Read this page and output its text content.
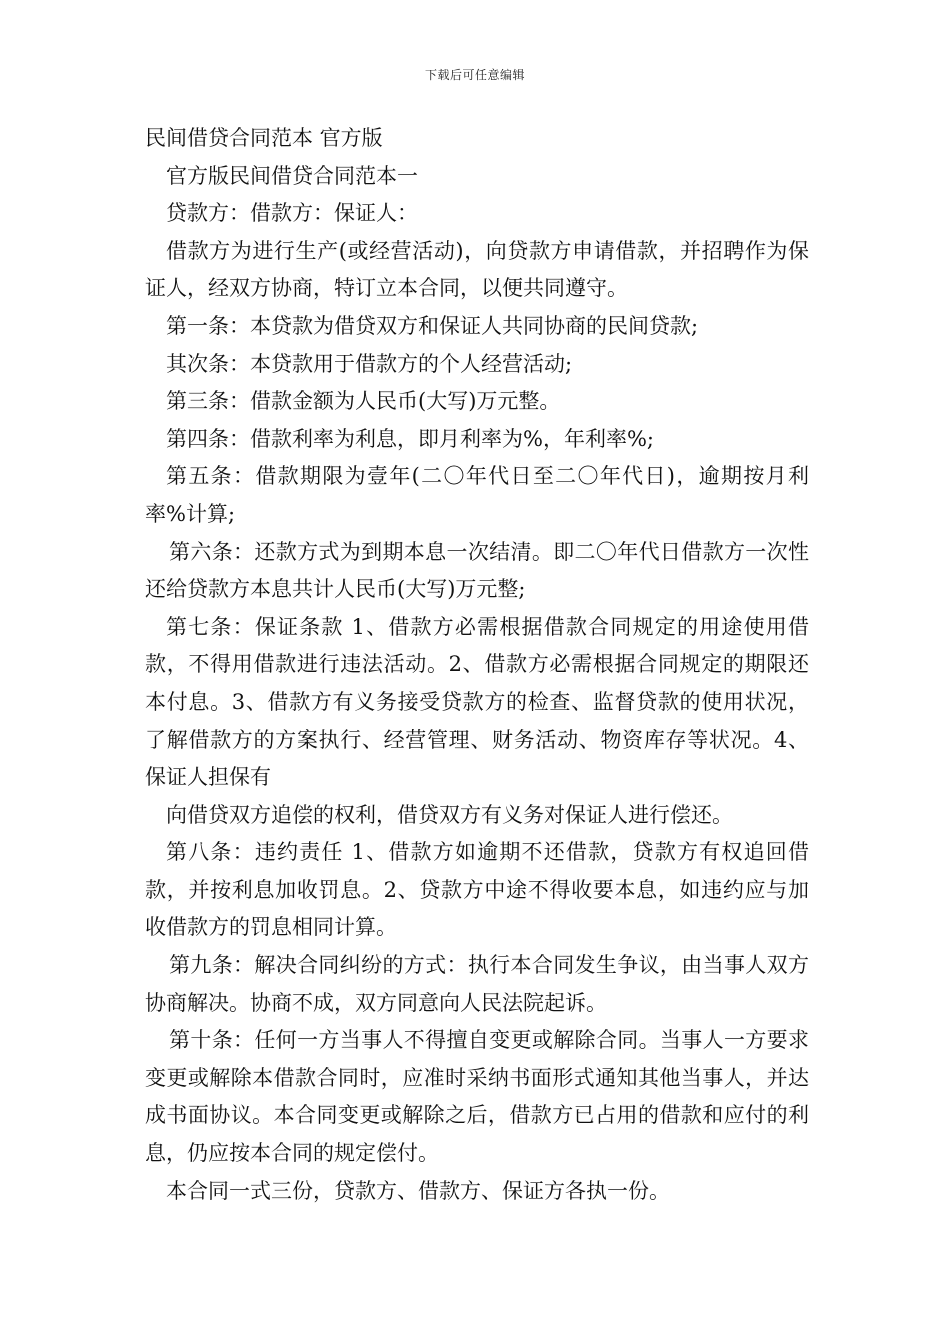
下载后可任意编辑

民间借贷合同范本 官方版

官方版民间借贷合同范本一

贷款方：借款方：保证人：

借款方为进行生产(或经营活动)，向贷款方申请借款，并招聘作为保证人，经双方协商，特订立本合同，以便共同遵守。

第一条：本贷款为借贷双方和保证人共同协商的民间贷款;

其次条：本贷款用于借款方的个人经营活动;

第三条：借款金额为人民币(大写)万元整。

第四条：借款利率为利息，即月利率为%，年利率%;

第五条：借款期限为壹年(二〇年代日至二〇年代日)，逾期按月利率%计算;

第六条：还款方式为到期本息一次结清。即二〇年代日借款方一次性还给贷款方本息共计人民币(大写)万元整;

第七条：保证条款 1、借款方必需根据借款合同规定的用途使用借款，不得用借款进行违法活动。2、借款方必需根据合同规定的期限还本付息。3、借款方有义务接受贷款方的检查、监督贷款的使用状况，了解借款方的方案执行、经营管理、财务活动、物资库存等状况。4、保证人担保有

向借贷双方追偿的权利，借贷双方有义务对保证人进行偿还。

第八条：违约责任 1、借款方如逾期不还借款，贷款方有权追回借款，并按利息加收罚息。2、贷款方中途不得收要本息，如违约应与加收借款方的罚息相同计算。

第九条：解决合同纠纷的方式：执行本合同发生争议，由当事人双方协商解决。协商不成，双方同意向人民法院起诉。

第十条：任何一方当事人不得擅自变更或解除合同。当事人一方要求变更或解除本借款合同时，应准时采纳书面形式通知其他当事人，并达成书面协议。本合同变更或解除之后，借款方已占用的借款和应付的利息，仍应按本合同的规定偿付。

本合同一式三份，贷款方、借款方、保证方各执一份。
